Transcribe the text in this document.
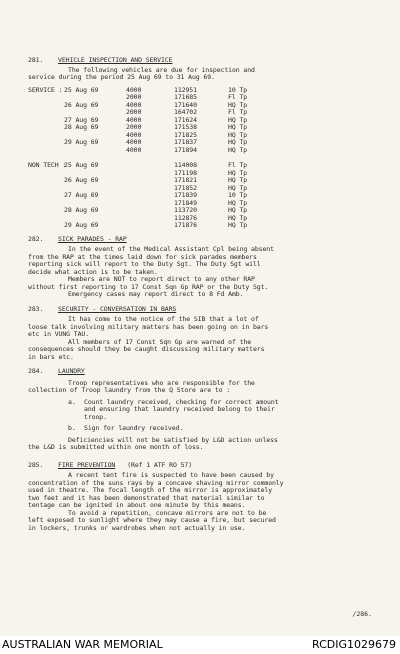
281.	VEHICLE INSPECTION AND SERVICE
The following vehicles are due for inspection and
service during the period 25 Aug 69 to 31 Aug 69.
SERVICE : 25 Aug 69	4000	112951	10 Tp
2000	171685	Fl Tp
26 Aug 69	4000	171640	HQ Tp
2000	164702	Fl Tp
27 Aug 69	4000	171624	HQ Tp
28 Aug 69	2000	171538	HQ Tp
4000	171825	HQ Tp
29 Aug 69	4000	171837	HQ Tp
4000	171894	HQ Tp
NON TECH :
25 Aug 69	114008	Fl Tp
171198	HQ Tp
26 Aug 69	171821	HQ Tp
171852	HQ Tp
27 Aug 69	171839	10 Tp
171849	HQ Tp
28 Aug 69	113720	HQ Tp
112876	HQ Tp
29 Aug 69	171876	HQ Tp
282.	SICK PARADES - RAP
In the event of the Medical Assistant Cpl being absent
from the RAP at the times laid down for sick parades members
reporting sick will report to the Duty Sgt. The Duty Sgt will
decide what action is to be taken.
Members are NOT to report direct to any other RAP
without first reporting to 17 Const Sqn Gp RAP or the Duty Sgt.
Emergency cases may report direct to 8 Fd Amb.
283.	SECURITY - CONVERSATION IN BARS
It has come to the notice of the SIB that a lot of
loose talk involving military matters has been going on in bars
etc in VUNG TAU.
All members of 17 Const Sqn Gp are warned of the
consequences should they be caught discussing military matters
in bars etc.
284.	LAUNDRY
Troop representatives who are responsible for the
collection of Troop laundry from the Q Store are to :
a.	Count laundry received, checking for correct amount
and ensuring that laundry received belong to their
troop.
b.	Sign for laundry received.
Deficiencies will not be satisfied by L&D action unless
the L&D is submitted within one month of loss.
285.	FIRE PREVENTION (Ref 1 ATF RO 57)
A recent tent fire is suspected to have been caused by
concentration of the suns rays by a concave shaving mirror commonly
used in theatre. The focal length of the mirror is approximately
two feet and it has been demonstrated that material similar to
tentage can be ignited in about one minute by this means.
To avoid a repetition, concave mirrors are not to be
left exposed to sunlight where they may cause a fire, but secured
in lockers, trunks or wardrobes when not actually in use.
/286.
AUSTRALIAN WAR MEMORIAL	RCDIG1029679
